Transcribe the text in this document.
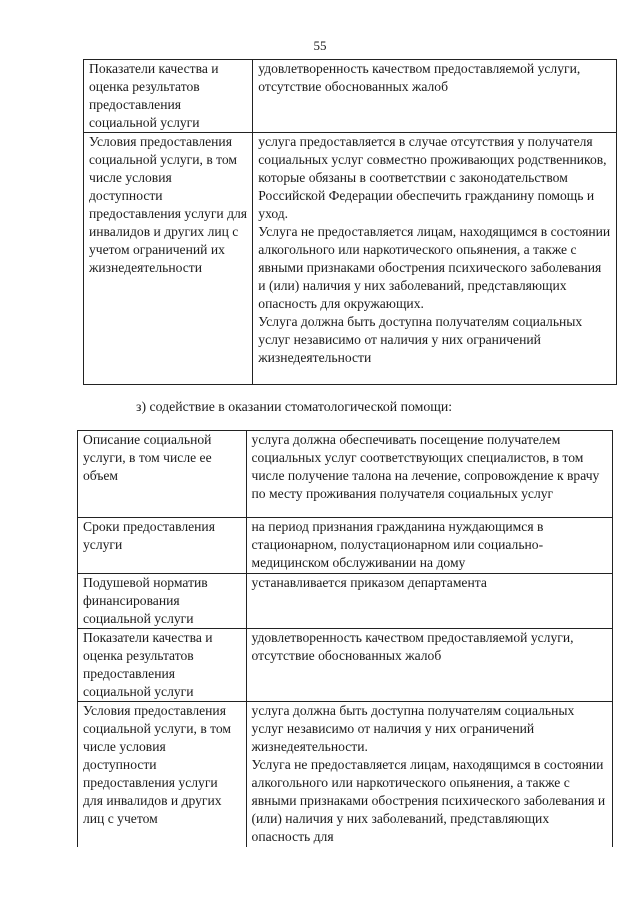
55
Показатели качества и оценка результатов предоставления социальной услуги	удовлетворенность качеством предоставляемой услуги, отсутствие обоснованных жалоб

Условия предоставления социальной услуги, в том числе условия доступности предоставления услуги для инвалидов и других лиц с учетом ограничений их жизнедеятельности	услуга предоставляется в случае отсутствия у получателя социальных услуг совместно проживающих родственников, которые обязаны в соответствии с законодательством Российской Федерации обеспечить гражданину помощь и уход.
Услуга не предоставляется лицам, находящимся в состоянии алкогольного или наркотического опьянения, а также с явными признаками обострения психического заболевания и (или) наличия у них заболеваний, представляющих опасность для окружающих.
Услуга должна быть доступна получателям социальных услуг независимо от наличия у них ограничений жизнедеятельности
з) содействие в оказании стоматологической помощи:
Описание социальной услуги, в том числе ее объем	услуга должна обеспечивать посещение получателем социальных услуг соответствующих специалистов, в том числе получение талона на лечение, сопровождение к врачу по месту проживания получателя социальных услуг

Сроки предоставления услуги	на период признания гражданина нуждающимся в стационарном, полустационарном или социально-медицинском обслуживании на дому

Подушевой норматив финансирования социальной услуги	устанавливается приказом департамента

Показатели качества и оценка результатов предоставления социальной услуги	удовлетворенность качеством предоставляемой услуги, отсутствие обоснованных жалоб

Условия предоставления социальной услуги, в том числе условия доступности предоставления услуги для инвалидов и других лиц с учетом	услуга должна быть доступна получателям социальных услуг независимо от наличия у них ограничений жизнедеятельности.
Услуга не предоставляется лицам, находящимся в состоянии алкогольного или наркотического опьянения, а также с явными признаками обострения психического заболевания и (или) наличия у них заболеваний, представляющих опасность для
